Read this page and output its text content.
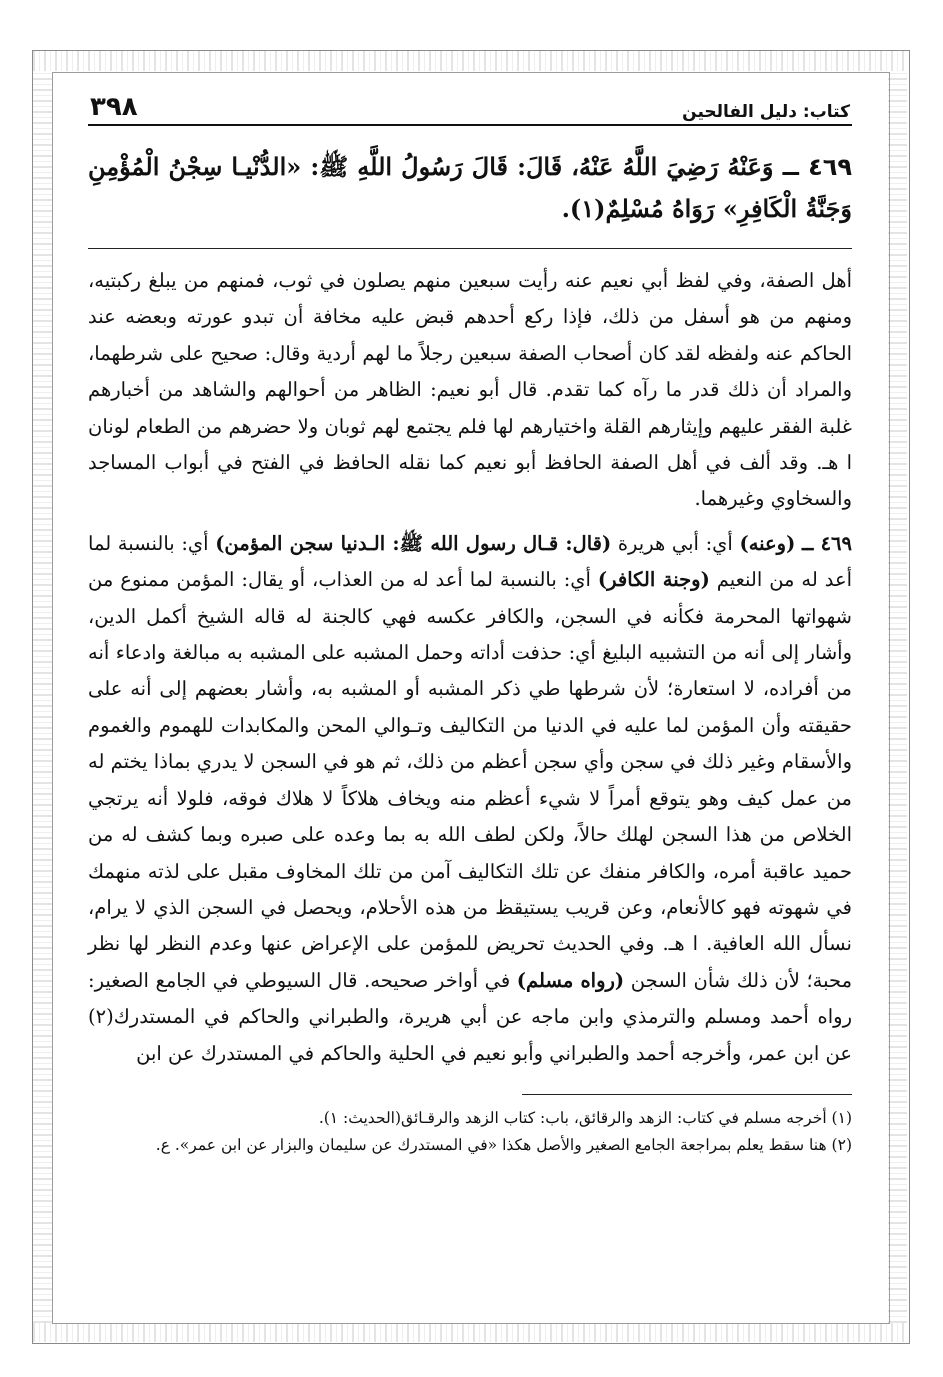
كتاب: دليل الفالحين
٣٩٨
٤٦٩ ــ وَعَنْهُ رَضِيَ اللَّهُ عَنْهُ، قَالَ: قَالَ رَسُولُ اللَّهِ ﷺ: «الدُّنْيـا سِجْنُ الْمُؤْمِنِ وَجَنَّةُ الْكَافِرِ» رَوَاهُ مُسْلِمٌ(١).

أهل الصفة، وفي لفظ أبي نعيم عنه رأيت سبعين منهم يصلون في ثوب، فمنهم من يبلغ ركبتيه، ومنهم من هو أسفل من ذلك، فإذا ركع أحدهم قبض عليه مخافة أن تبدو عورته وبعضه عند الحاكم عنه ولفظه لقد كان أصحاب الصفة سبعين رجلاً ما لهم أردية وقال: صحيح على شرطهما، والمراد أن ذلك قدر ما رآه كما تقدم. قال أبو نعيم: الظاهر من أحوالهم والشاهد من أخبارهم غلبة الفقر عليهم وإيثارهم القلة واختيارهم لها فلم يجتمع لهم ثوبان ولا حضرهم من الطعام لونان ا هـ. وقد ألف في أهل الصفة الحافظ أبو نعيم كما نقله الحافظ في الفتح في أبواب المساجد والسخاوي وغيرهما.

٤٦٩ ــ (وعنه) أي: أبي هريرة (قال: قـال رسول الله ﷺ: الـدنيا سجن المؤمن) أي: بالنسبة لما أعد له من النعيم (وجنة الكافر) أي: بالنسبة لما أعد له من العذاب، أو يقال: المؤمن ممنوع من شهواتها المحرمة فكأنه في السجن، والكافر عكسه فهي كالجنة له قاله الشيخ أكمل الدين، وأشار إلى أنه من التشبيه البليغ أي: حذفت أداته وحمل المشبه على المشبه به مبالغة وادعاء أنه من أفراده، لا استعارة؛ لأن شرطها طي ذكر المشبه أو المشبه به، وأشار بعضهم إلى أنه على حقيقته وأن المؤمن لما عليه في الدنيا من التكاليف وتـوالي المحن والمكابدات للهموم والغموم والأسقام وغير ذلك في سجن وأي سجن أعظم من ذلك، ثم هو في السجن لا يدري بماذا يختم له من عمل كيف وهو يتوقع أمراً لا شيء أعظم منه ويخاف هلاكاً لا هلاك فوقه، فلولا أنه يرتجي الخلاص من هذا السجن لهلك حالاً، ولكن لطف الله به بما وعده على صبره وبما كشف له من حميد عاقبة أمره، والكافر منفك عن تلك التكاليف آمن من تلك المخاوف مقبل على لذته منهمك في شهوته فهو كالأنعام، وعن قريب يستيقظ من هذه الأحلام، ويحصل في السجن الذي لا يرام، نسأل الله العافية. ا هـ. وفي الحديث تحريض للمؤمن على الإعراض عنها وعدم النظر لها نظر محبة؛ لأن ذلك شأن السجن (رواه مسلم) في أواخر صحيحه. قال السيوطي في الجامع الصغير: رواه أحمد ومسلم والترمذي وابن ماجه عن أبي هريرة، والطبراني والحاكم في المستدرك(٢) عن ابن عمر، وأخرجه أحمد والطبراني وأبو نعيم في الحلية والحاكم في المستدرك عن ابن

(١) أخرجه مسلم في كتاب: الزهد والرقائق، باب: كتاب الزهد والرقـائق(الحديث: ١).

(٢) هنا سقط يعلم بمراجعة الجامع الصغير والأصل هكذا «في المستدرك عن سليمان والبزار عن ابن عمر». ع.
